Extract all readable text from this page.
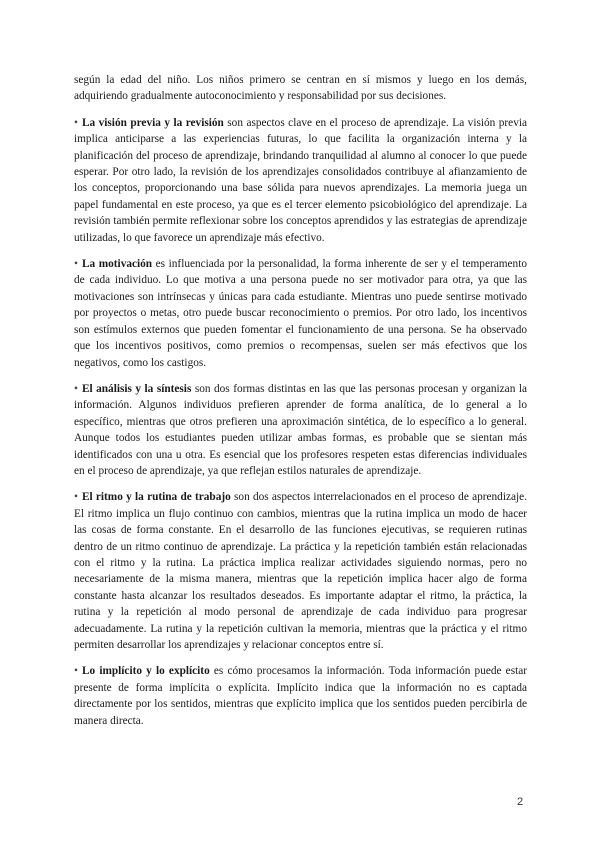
según la edad del niño. Los niños primero se centran en sí mismos y luego en los demás, adquiriendo gradualmente autoconocimiento y responsabilidad por sus decisiones.

• La visión previa y la revisión son aspectos clave en el proceso de aprendizaje. La visión previa implica anticiparse a las experiencias futuras, lo que facilita la organización interna y la planificación del proceso de aprendizaje, brindando tranquilidad al alumno al conocer lo que puede esperar. Por otro lado, la revisión de los aprendizajes consolidados contribuye al afianzamiento de los conceptos, proporcionando una base sólida para nuevos aprendizajes. La memoria juega un papel fundamental en este proceso, ya que es el tercer elemento psicobiológico del aprendizaje. La revisión también permite reflexionar sobre los conceptos aprendidos y las estrategias de aprendizaje utilizadas, lo que favorece un aprendizaje más efectivo.

• La motivación es influenciada por la personalidad, la forma inherente de ser y el temperamento de cada individuo. Lo que motiva a una persona puede no ser motivador para otra, ya que las motivaciones son intrínsecas y únicas para cada estudiante. Mientras uno puede sentirse motivado por proyectos o metas, otro puede buscar reconocimiento o premios. Por otro lado, los incentivos son estímulos externos que pueden fomentar el funcionamiento de una persona. Se ha observado que los incentivos positivos, como premios o recompensas, suelen ser más efectivos que los negativos, como los castigos.

• El análisis y la síntesis son dos formas distintas en las que las personas procesan y organizan la información. Algunos individuos prefieren aprender de forma analítica, de lo general a lo específico, mientras que otros prefieren una aproximación sintética, de lo específico a lo general. Aunque todos los estudiantes pueden utilizar ambas formas, es probable que se sientan más identificados con una u otra. Es esencial que los profesores respeten estas diferencias individuales en el proceso de aprendizaje, ya que reflejan estilos naturales de aprendizaje.

• El ritmo y la rutina de trabajo son dos aspectos interrelacionados en el proceso de aprendizaje. El ritmo implica un flujo continuo con cambios, mientras que la rutina implica un modo de hacer las cosas de forma constante. En el desarrollo de las funciones ejecutivas, se requieren rutinas dentro de un ritmo continuo de aprendizaje. La práctica y la repetición también están relacionadas con el ritmo y la rutina. La práctica implica realizar actividades siguiendo normas, pero no necesariamente de la misma manera, mientras que la repetición implica hacer algo de forma constante hasta alcanzar los resultados deseados. Es importante adaptar el ritmo, la práctica, la rutina y la repetición al modo personal de aprendizaje de cada individuo para progresar adecuadamente. La rutina y la repetición cultivan la memoria, mientras que la práctica y el ritmo permiten desarrollar los aprendizajes y relacionar conceptos entre sí.

• Lo implícito y lo explícito es cómo procesamos la información. Toda información puede estar presente de forma implícita o explícita. Implícito indica que la información no es captada directamente por los sentidos, mientras que explícito implica que los sentidos pueden percibirla de manera directa.

2
